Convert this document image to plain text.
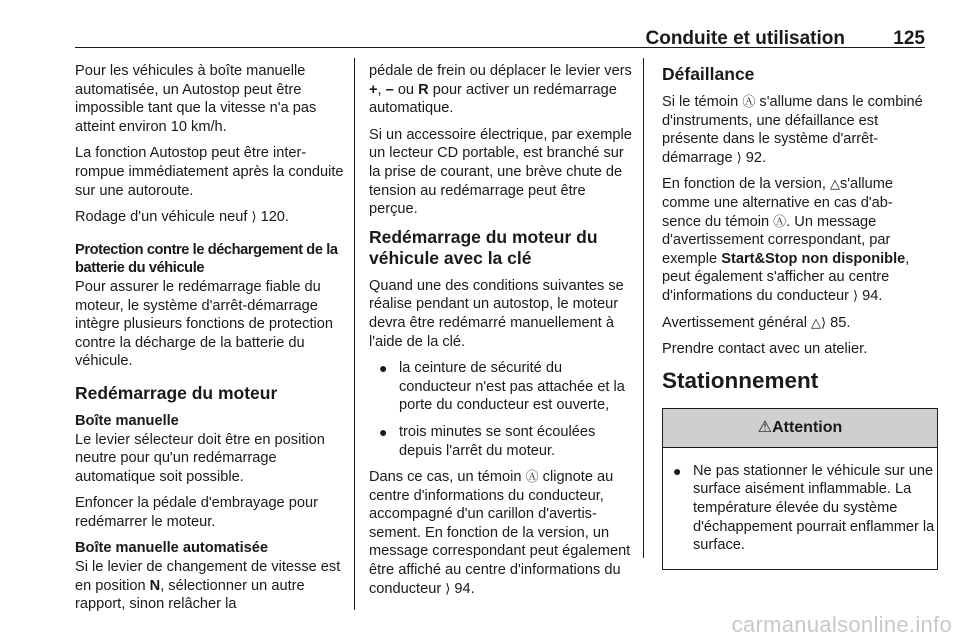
Conduite et utilisation	125

Pour les véhicules à boîte manuelle automatisée, un Autostop peut être impossible tant que la vitesse n'a pas atteint environ 10 km/h.

La fonction Autostop peut être interrompue immédiatement après la conduite sur une autoroute.

Rodage d'un véhicule neuf ⟩ 120.

Protection contre le déchargement de la batterie du véhicule

Pour assurer le redémarrage fiable du moteur, le système d'arrêt-démarrage intègre plusieurs fonctions de protection contre la décharge de la batterie du véhicule.

Redémarrage du moteur

Boîte manuelle

Le levier sélecteur doit être en position neutre pour qu'un redémarrage automatique soit possible.

Enfoncer la pédale d'embrayage pour redémarrer le moteur.

Boîte manuelle automatisée

Si le levier de changement de vitesse est en position N, sélectionner un autre rapport, sinon relâcher la

pédale de frein ou déplacer le levier vers +, – ou R pour activer un redémarrage automatique.

Si un accessoire électrique, par exemple un lecteur CD portable, est branché sur la prise de courant, une brève chute de tension au redémarrage peut être perçue.

Redémarrage du moteur du véhicule avec la clé

Quand une des conditions suivantes se réalise pendant un autostop, le moteur devra être redémarré manuellement à l'aide de la clé.

● la ceinture de sécurité du conducteur n'est pas attachée et la porte du conducteur est ouverte,
● trois minutes se sont écoulées depuis l'arrêt du moteur.

Dans ce cas, un témoin Ⓐ clignote au centre d'informations du conducteur, accompagné d'un carillon d'avertissement. En fonction de la version, un message correspondant peut également être affiché au centre d'informations du conducteur ⟩ 94.

Défaillance

Si le témoin Ⓐ s'allume dans le combiné d'instruments, une défaillance est présente dans le système d'arrêt-démarrage ⟩ 92.

En fonction de la version, △s'allume comme une alternative en cas d'absence du témoin Ⓐ. Un message d'avertissement correspondant, par exemple Start&Stop non disponible, peut également s'afficher au centre d'informations du conducteur ⟩ 94.

Avertissement général △⟩ 85.

Prendre contact avec un atelier.

Stationnement
⚠Attention
● Ne pas stationner le véhicule sur une surface aisément inflammable. La température élevée du système d'échappement pourrait enflammer la surface.
carmanualsonline.info
